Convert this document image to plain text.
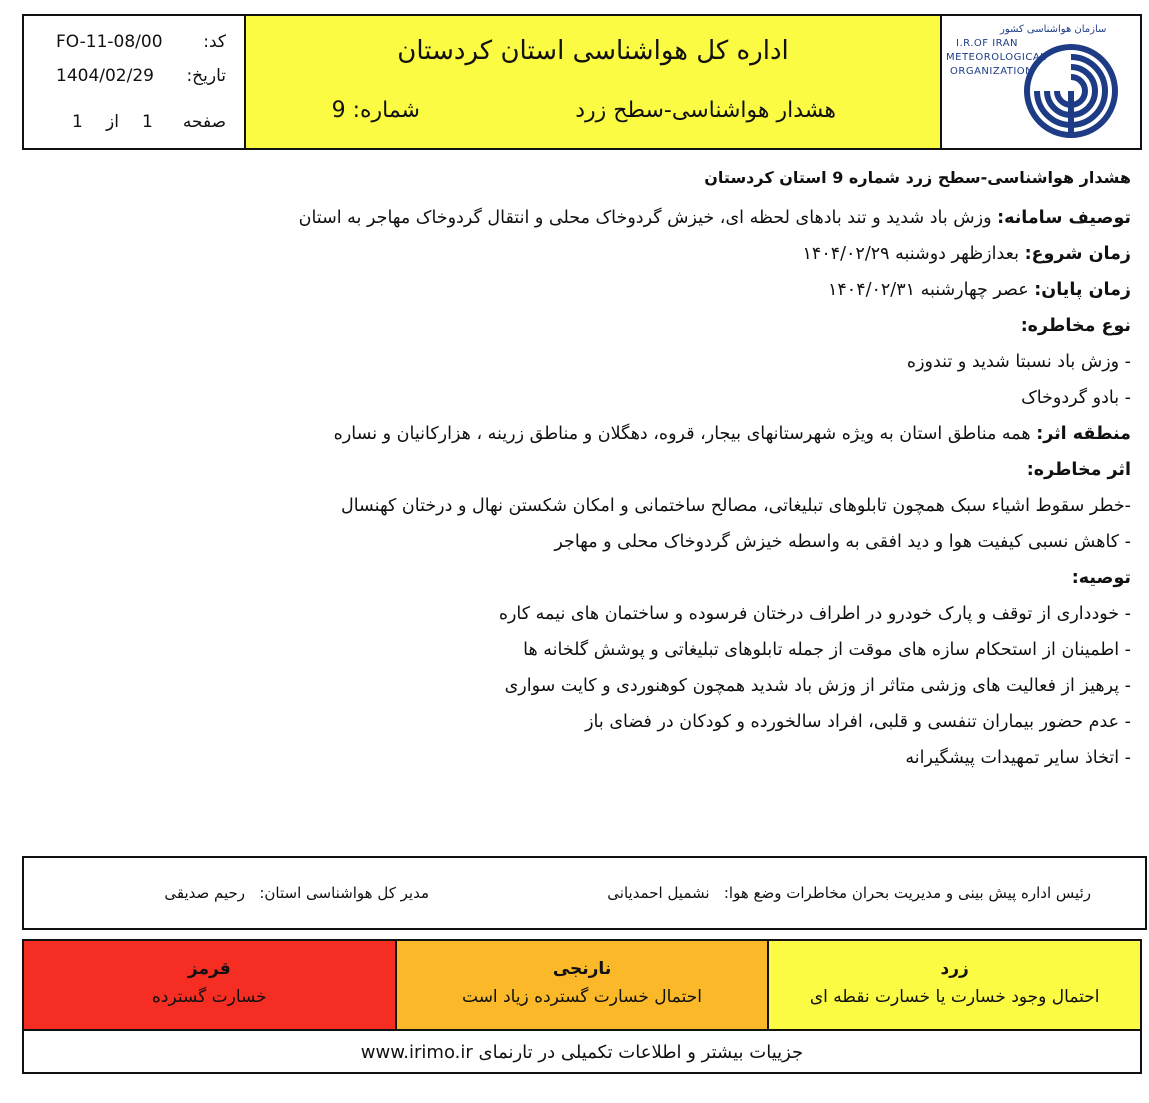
FO-11-08/00 کد:
1404/02/29 تاریخ:
صفحه
1
از
1
اداره کل هواشناسی استان کردستان
هشدار هواشناسی-سطح زرد
شماره: 9
سازمان هواشناسی کشور
I.R.OF IRAN
METEOROLOGICAL
ORGANIZATION
هشدار هواشناسی-سطح زرد شماره 9 استان کردستان
توصیف سامانه: وزش باد شدید و تند بادهای لحظه ای، خیزش گردوخاک محلی و انتقال گردوخاک مهاجر به استان
زمان شروع: بعدازظهر دوشنبه ۱۴۰۴/۰۲/۲۹
زمان پایان: عصر چهارشنبه ۱۴۰۴/۰۲/۳۱
نوع مخاطره:
- وزش باد نسبتا شدید و تندوزه
- بادو گردوخاک
منطقه اثر: همه مناطق استان به ویژه شهرستانهای بیجار، قروه، دهگلان و مناطق زرینه ، هزارکانیان و نساره
اثر مخاطره:
-خطر سقوط اشیاء سبک همچون تابلوهای تبلیغاتی، مصالح ساختمانی و امکان شکستن نهال و درختان کهنسال
- کاهش نسبی کیفیت هوا و دید افقی به واسطه خیزش گردوخاک محلی و مهاجر
توصیه:
- خودداری از توقف و پارک خودرو در اطراف درختان فرسوده و ساختمان های نیمه کاره
- اطمینان از استحکام سازه های موقت از جمله تابلوهای تبلیغاتی و پوشش گلخانه ها
- پرهیز از فعالیت های وزشی متاثر از وزش باد شدید همچون کوهنوردی و کایت سواری
- عدم حضور بیماران تنفسی و قلبی، افراد سالخورده و کودکان در فضای باز
- اتخاذ سایر تمهیدات پیشگیرانه
رئیس اداره پیش بینی و مدیریت بحران مخاطرات وضع هوا:   نشمیل احمدیانی
مدیر کل هواشناسی استان:   رحیم صدیقی
قرمز
خسارت گسترده
نارنجی
احتمال خسارت گسترده زیاد است
زرد
احتمال وجود خسارت یا خسارت نقطه ای
جزییات بیشتر و اطلاعات تکمیلی در تارنمای www.irimo.ir
